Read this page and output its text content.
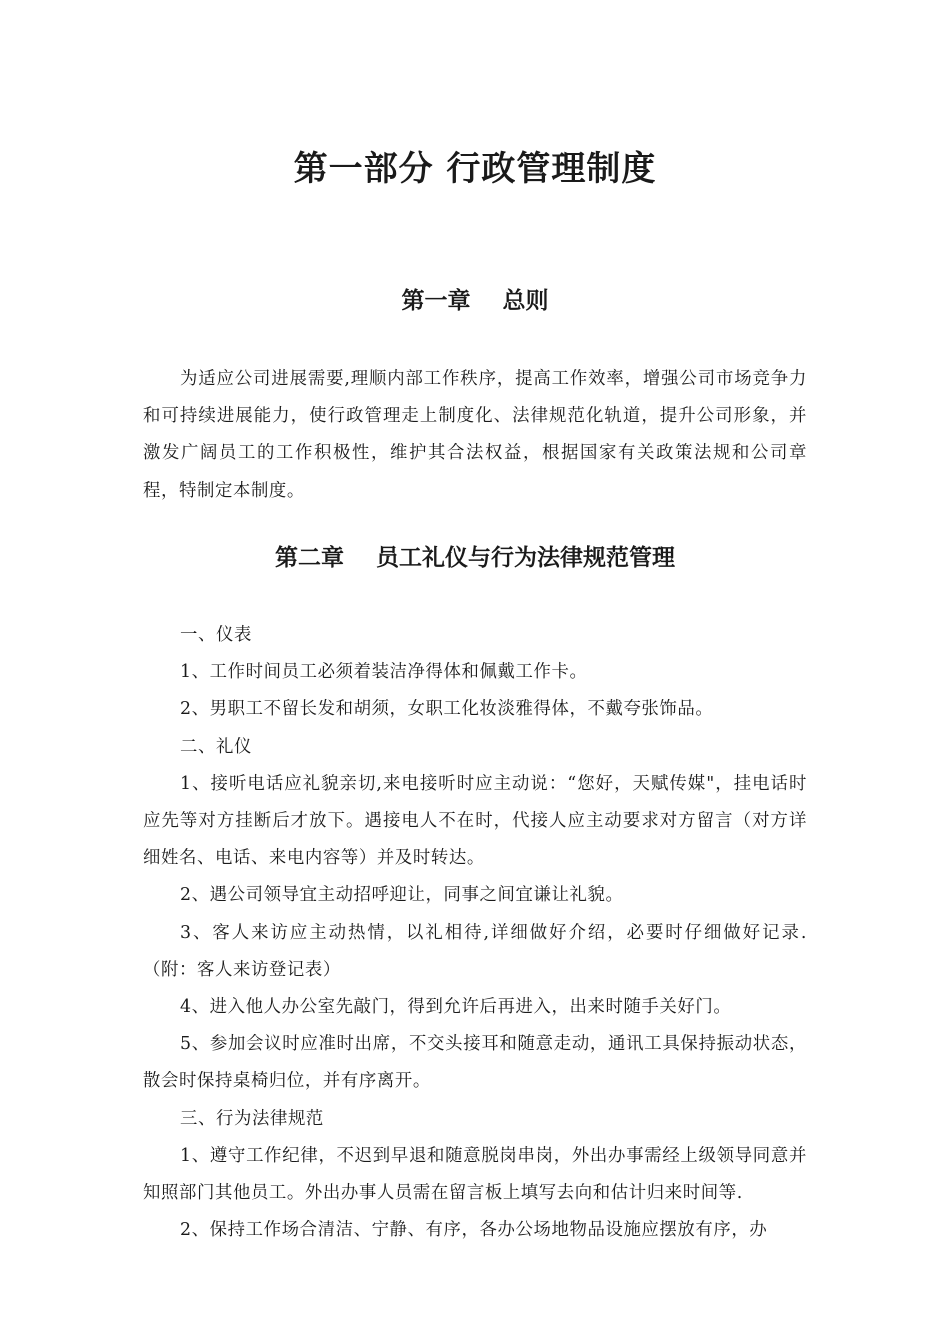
第一部分 行政管理制度
第一章    总则

为适应公司进展需要,理顺内部工作秩序，提高工作效率，增强公司市场竞争力和可持续进展能力，使行政管理走上制度化、法律规范化轨道，提升公司形象，并激发广阔员工的工作积极性，维护其合法权益，根据国家有关政策法规和公司章程，特制定本制度。

第二章    员工礼仪与行为法律规范管理

一、仪表

1、工作时间员工必须着装洁净得体和佩戴工作卡。

2、男职工不留长发和胡须，女职工化妆淡雅得体，不戴夸张饰品。

二、礼仪

1、接听电话应礼貌亲切,来电接听时应主动说：“您好，天赋传媒"，挂电话时应先等对方挂断后才放下。遇接电人不在时，代接人应主动要求对方留言（对方详细姓名、电话、来电内容等）并及时转达。

2、遇公司领导宜主动招呼迎让，同事之间宜谦让礼貌。

3、客人来访应主动热情，以礼相待,详细做好介绍，必要时仔细做好记录.（附：客人来访登记表）

4、进入他人办公室先敲门，得到允许后再进入，出来时随手关好门。

5、参加会议时应准时出席，不交头接耳和随意走动，通讯工具保持振动状态，散会时保持桌椅归位，并有序离开。

三、行为法律规范

1、遵守工作纪律，不迟到早退和随意脱岗串岗，外出办事需经上级领导同意并知照部门其他员工。外出办事人员需在留言板上填写去向和估计归来时间等.

2、保持工作场合清洁、宁静、有序，各办公场地物品设施应摆放有序，办
